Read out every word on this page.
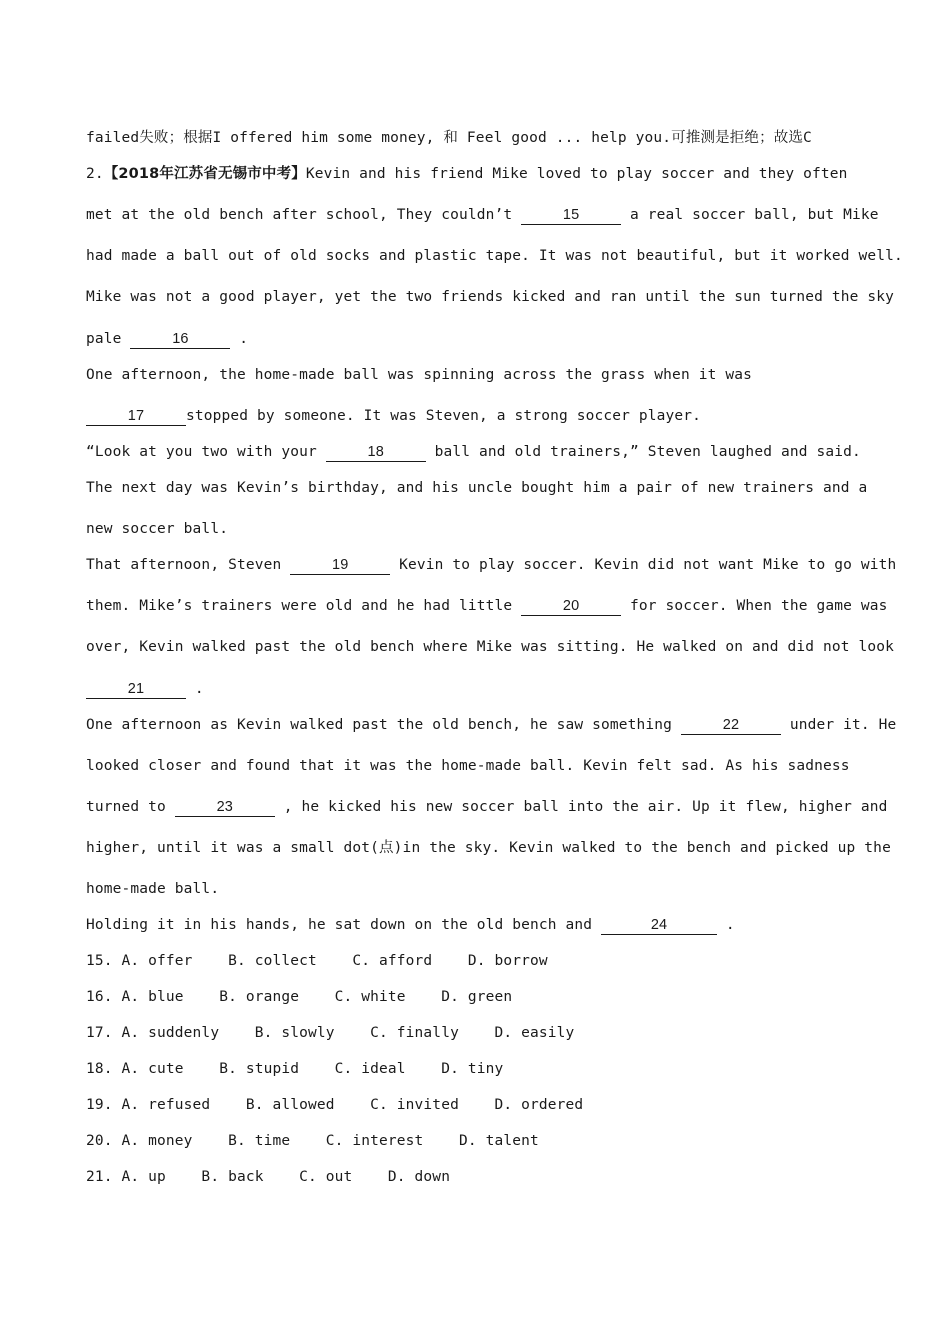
failed失败；根据I offered him some money, 和 Feel good ... help you.可推测是拒绝；故选C
2.【2018年江苏省无锡市中考】Kevin and his friend Mike loved to play soccer and they often
met at the old bench after school, They couldn’t	15	a real soccer ball, but Mike
had made a ball out of old socks and plastic tape. It was not beautiful, but it worked well.
Mike was not a good player, yet the two friends kicked and ran until the sun turned the sky
pale	16	.
One afternoon, the home-made ball was spinning across the grass when it was
17	stopped by someone. It was Steven, a strong soccer player.
“Look at you two with your	18	ball and old trainers,” Steven laughed and said.
The next day was Kevin’s birthday, and his uncle bought him a pair of new trainers and a
new soccer ball.
That afternoon, Steven	19	Kevin to play soccer. Kevin did not want Mike to go with
them. Mike’s trainers were old and he had little	20	for soccer. When the game was
over, Kevin walked past the old bench where Mike was sitting. He walked on and did not look
21	.
One afternoon as Kevin walked past the old bench, he saw something	22	under it. He
looked closer and found that it was the home-made ball. Kevin felt sad. As his sadness
turned to	23	, he kicked his new soccer ball into the air. Up it flew, higher and
higher, until it was a small dot(点)in the sky. Kevin walked to the bench and picked up the
home-made ball.
Holding it in his hands, he sat down on the old bench and	24	.
15. A. offer    B. collect    C. afford    D. borrow
16. A. blue    B. orange    C. white    D. green
17. A. suddenly    B. slowly    C. finally    D. easily
18. A. cute    B. stupid    C. ideal    D. tiny
19. A. refused    B. allowed    C. invited    D. ordered
20. A. money    B. time    C. interest    D. talent
21. A. up    B. back    C. out    D. down
